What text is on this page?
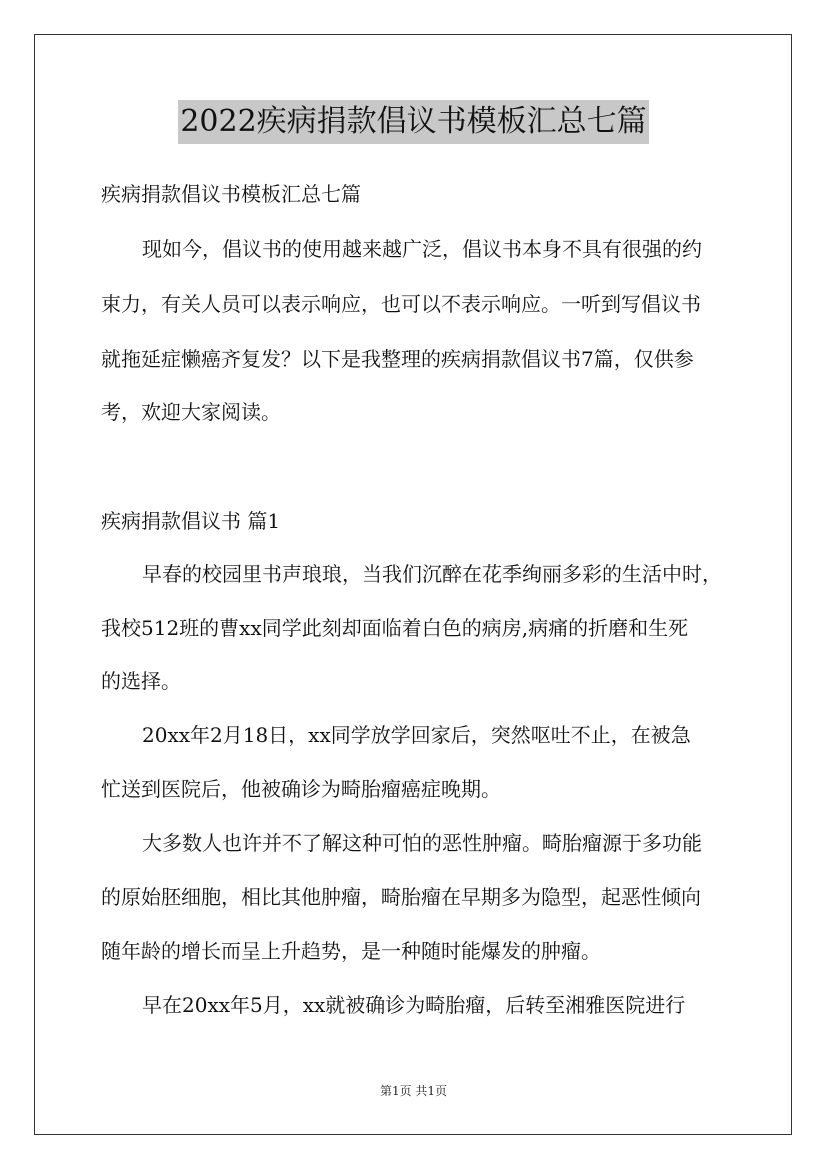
2022疾病捐款倡议书模板汇总七篇
疾病捐款倡议书模板汇总七篇
现如今，倡议书的使用越来越广泛，倡议书本身不具有很强的约
束力，有关人员可以表示响应，也可以不表示响应。一听到写倡议书
就拖延症懒癌齐复发？以下是我整理的疾病捐款倡议书7篇，仅供参
考，欢迎大家阅读。
疾病捐款倡议书 篇1
早春的校园里书声琅琅，当我们沉醉在花季绚丽多彩的生活中时，
我校512班的曹xx同学此刻却面临着白色的病房,病痛的折磨和生死
的选择。
20xx年2月18日，xx同学放学回家后，突然呕吐不止，在被急
忙送到医院后，他被确诊为畸胎瘤癌症晚期。
大多数人也许并不了解这种可怕的恶性肿瘤。畸胎瘤源于多功能
的原始胚细胞，相比其他肿瘤，畸胎瘤在早期多为隐型，起恶性倾向
随年龄的增长而呈上升趋势，是一种随时能爆发的肿瘤。
早在20xx年5月，xx就被确诊为畸胎瘤，后转至湘雅医院进行
第1页 共1页
